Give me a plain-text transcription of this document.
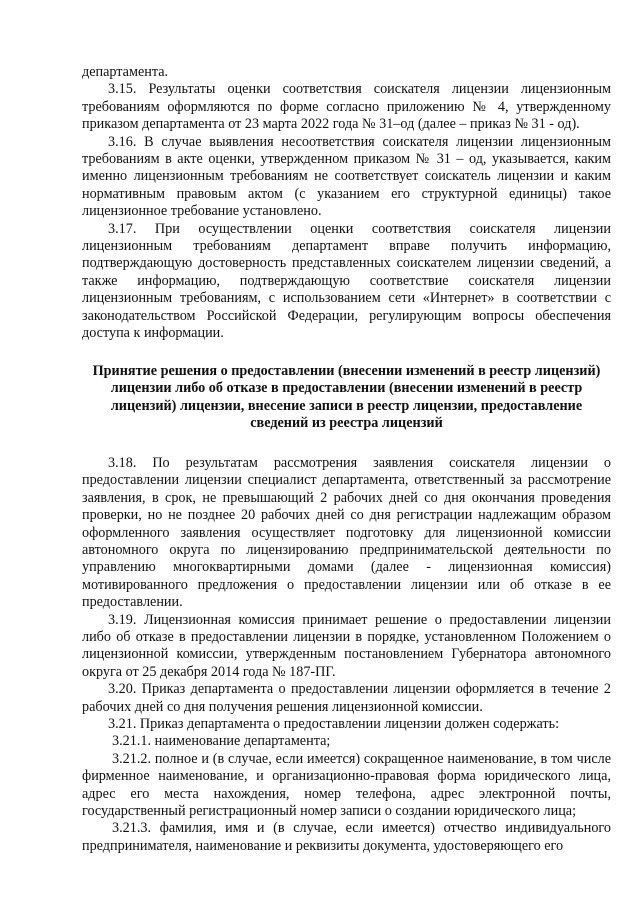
департамента.

3.15. Результаты оценки соответствия соискателя лицензии лицензионным требованиям оформляются по форме согласно приложению № 4, утвержденному приказом департамента от 23 марта 2022 года № 31–од (далее – приказ № 31 - од).

3.16. В случае выявления несоответствия соискателя лицензии лицензионным требованиям в акте оценки, утвержденном приказом № 31 – од, указывается, каким именно лицензионным требованиям не соответствует соискатель лицензии и каким нормативным правовым актом (с указанием его структурной единицы) такое лицензионное требование установлено.

3.17. При осуществлении оценки соответствия соискателя лицензии лицензионным требованиям департамент вправе получить информацию, подтверждающую достоверность представленных соискателем лицензии сведений, а также информацию, подтверждающую соответствие соискателя лицензии лицензионным требованиям, с использованием сети «Интернет» в соответствии с законодательством Российской Федерации, регулирующим вопросы обеспечения доступа к информации.

Принятие решения о предоставлении (внесении изменений в реестр лицензий) лицензии либо об отказе в предоставлении (внесении изменений в реестр лицензий) лицензии, внесение записи в реестр лицензии, предоставление сведений из реестра лицензий

3.18. По результатам рассмотрения заявления соискателя лицензии о предоставлении лицензии специалист департамента, ответственный за рассмотрение заявления, в срок, не превышающий 2 рабочих дней со дня окончания проведения проверки, но не позднее 20 рабочих дней со дня регистрации надлежащим образом оформленного заявления осуществляет подготовку для лицензионной комиссии автономного округа по лицензированию предпринимательской деятельности по управлению многоквартирными домами (далее - лицензионная комиссия) мотивированного предложения о предоставлении лицензии или об отказе в ее предоставлении.

3.19. Лицензионная комиссия принимает решение о предоставлении лицензии либо об отказе в предоставлении лицензии в порядке, установленном Положением о лицензионной комиссии, утвержденным постановлением Губернатора автономного округа от 25 декабря 2014 года № 187-ПГ.

3.20. Приказ департамента о предоставлении лицензии оформляется в течение 2 рабочих дней со дня получения решения лицензионной комиссии.

3.21. Приказ департамента о предоставлении лицензии должен содержать:

3.21.1. наименование департамента;

3.21.2. полное и (в случае, если имеется) сокращенное наименование, в том числе фирменное наименование, и организационно-правовая форма юридического лица, адрес его места нахождения, номер телефона, адрес электронной почты, государственный регистрационный номер записи о создании юридического лица;

3.21.3. фамилия, имя и (в случае, если имеется) отчество индивидуального предпринимателя, наименование и реквизиты документа, удостоверяющего его
